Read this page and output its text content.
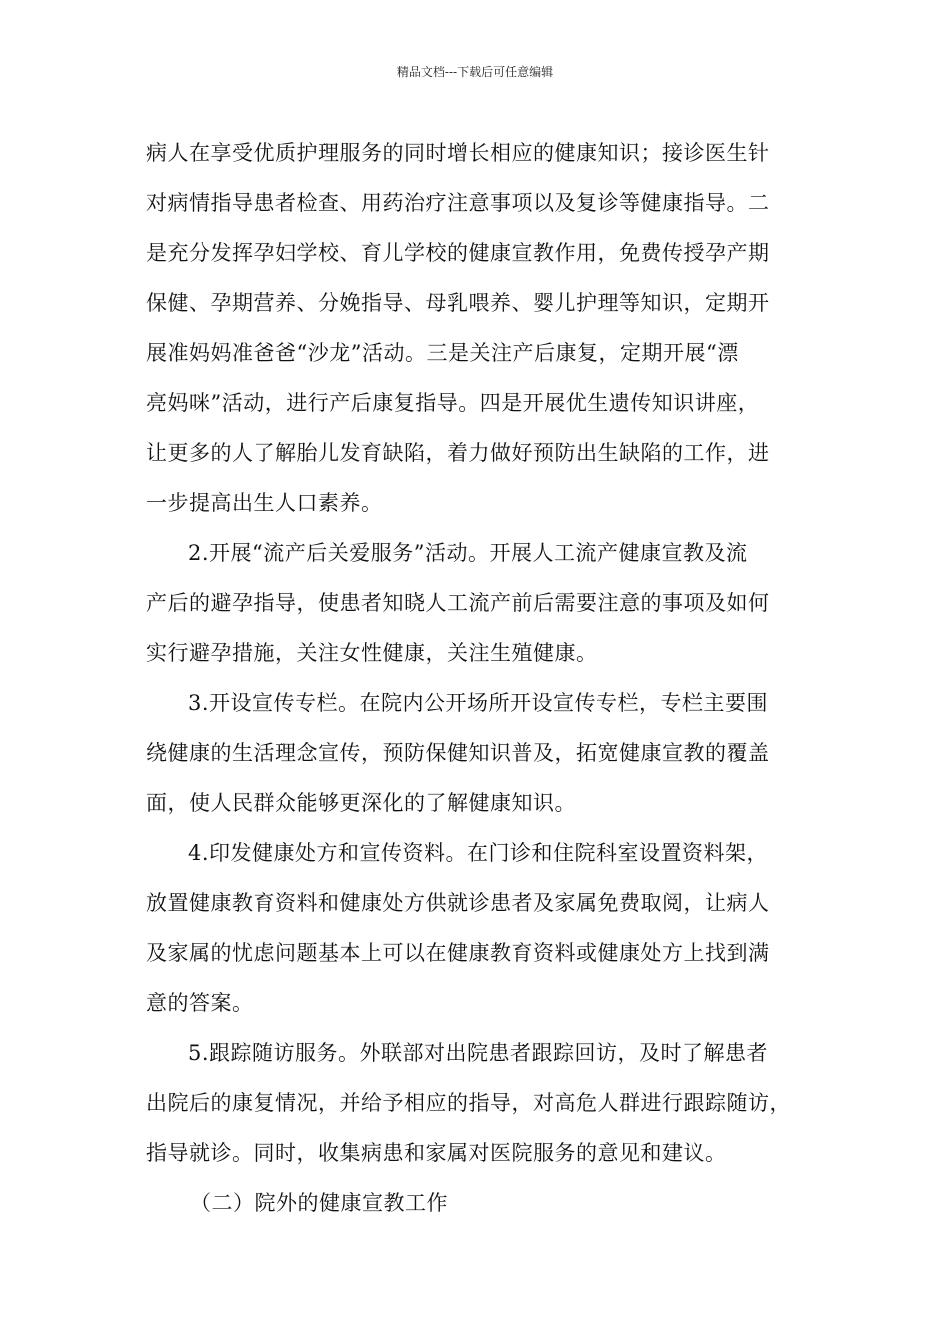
精品文档---下载后可任意编辑
病人在享受优质护理服务的同时增长相应的健康知识；接诊医生针
对病情指导患者检查、用药治疗注意事项以及复诊等健康指导。二
是充分发挥孕妇学校、育儿学校的健康宣教作用，免费传授孕产期
保健、孕期营养、分娩指导、母乳喂养、婴儿护理等知识，定期开
展准妈妈准爸爸“沙龙”活动。三是关注产后康复，定期开展“漂
亮妈咪”活动，进行产后康复指导。四是开展优生遗传知识讲座，
让更多的人了解胎儿发育缺陷，着力做好预防出生缺陷的工作，进
一步提高出生人口素养。
2.开展“流产后关爱服务”活动。开展人工流产健康宣教及流
产后的避孕指导，使患者知晓人工流产前后需要注意的事项及如何
实行避孕措施，关注女性健康，关注生殖健康。
3.开设宣传专栏。在院内公开场所开设宣传专栏，专栏主要围
绕健康的生活理念宣传，预防保健知识普及，拓宽健康宣教的覆盖
面，使人民群众能够更深化的了解健康知识。
4.印发健康处方和宣传资料。在门诊和住院科室设置资料架，
放置健康教育资料和健康处方供就诊患者及家属免费取阅，让病人
及家属的忧虑问题基本上可以在健康教育资料或健康处方上找到满
意的答案。
5.跟踪随访服务。外联部对出院患者跟踪回访，及时了解患者
出院后的康复情况，并给予相应的指导，对高危人群进行跟踪随访，
指导就诊。同时，收集病患和家属对医院服务的意见和建议。
（二）院外的健康宣教工作
